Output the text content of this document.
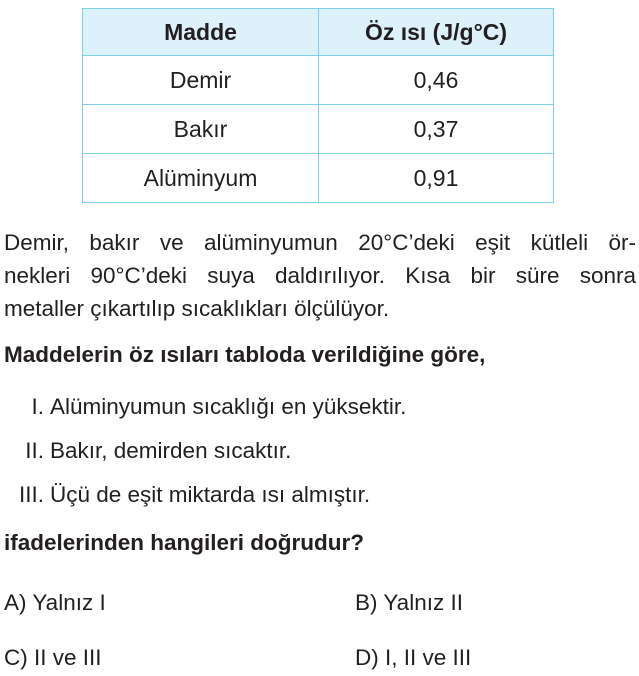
Madde	Öz ısı (J/g°C)
Demir	0,46
Bakır	0,37
Alüminyum	0,91
Demir, bakır ve alüminyumun 20°C’deki eşit kütleli ör-
nekleri 90°C’deki suya daldırılıyor. Kısa bir süre sonra
metaller çıkartılıp sıcaklıkları ölçülüyor.

Maddelerin öz ısıları tabloda verildiğine göre,

I. Alüminyumun sıcaklığı en yüksektir.

II. Bakır, demirden sıcaktır.

III. Üçü de eşit miktarda ısı almıştır.

ifadelerinden hangileri doğrudur?

A) Yalnız I	B) Yalnız II

C) II ve III	D) I, II ve III
